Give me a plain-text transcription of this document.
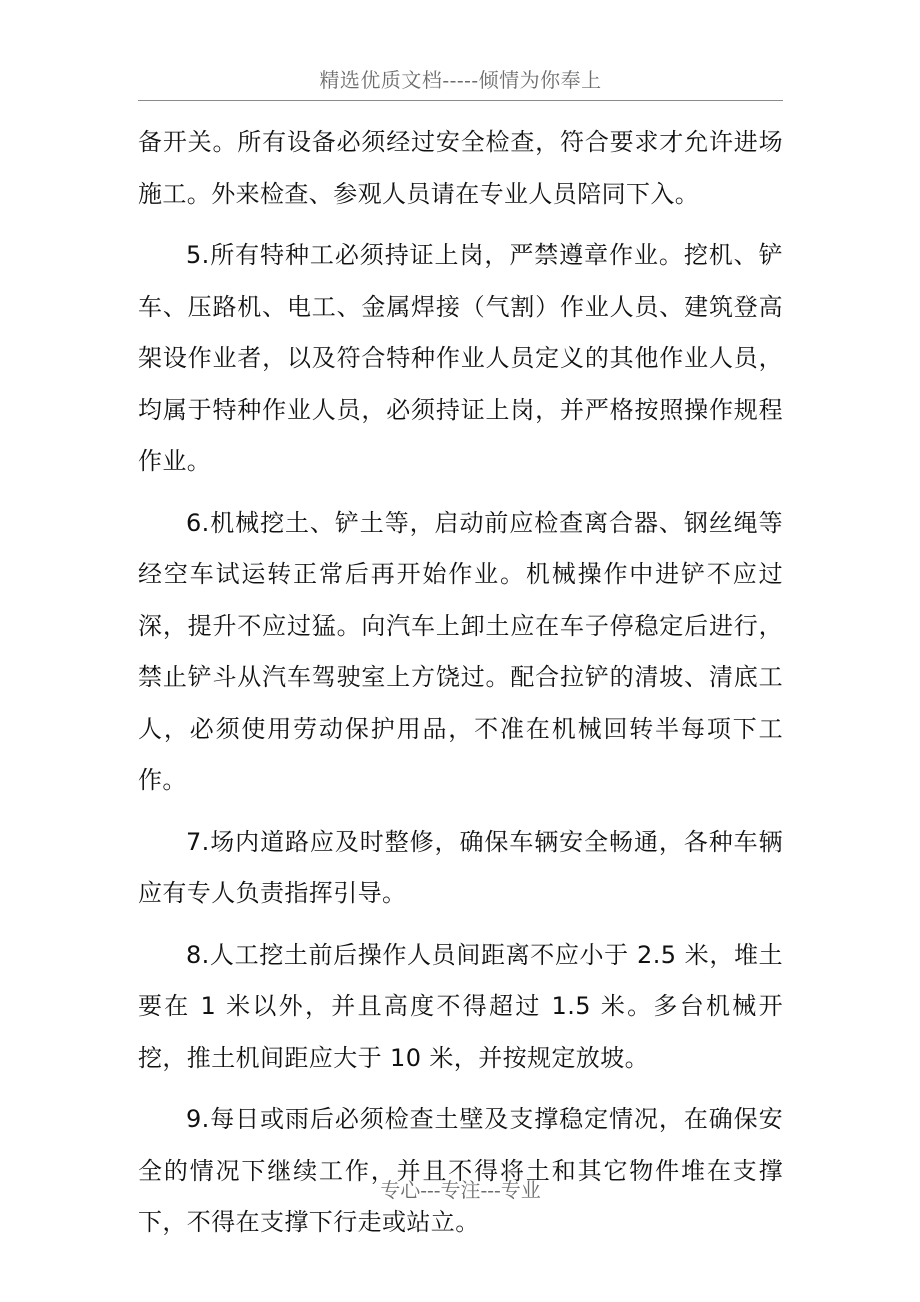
精选优质文档-----倾情为你奉上

备开关。所有设备必须经过安全检查，符合要求才允许进场施工。外来检查、参观人员请在专业人员陪同下入。

5.所有特种工必须持证上岗，严禁遵章作业。挖机、铲车、压路机、电工、金属焊接（气割）作业人员、建筑登高架设作业者，以及符合特种作业人员定义的其他作业人员，均属于特种作业人员，必须持证上岗，并严格按照操作规程作业。

6.机械挖土、铲土等，启动前应检查离合器、钢丝绳等经空车试运转正常后再开始作业。机械操作中进铲不应过深，提升不应过猛。向汽车上卸土应在车子停稳定后进行，禁止铲斗从汽车驾驶室上方饶过。配合拉铲的清坡、清底工人，必须使用劳动保护用品，不准在机械回转半每项下工作。

7.场内道路应及时整修，确保车辆安全畅通，各种车辆应有专人负责指挥引导。

8.人工挖土前后操作人员间距离不应小于 2.5 米，堆土要在 1 米以外，并且高度不得超过 1.5 米。多台机械开挖，推土机间距应大于 10 米，并按规定放坡。

9.每日或雨后必须检查土壁及支撑稳定情况，在确保安全的情况下继续工作，并且不得将土和其它物件堆在支撑下，不得在支撑下行走或站立。

专心---专注---专业
